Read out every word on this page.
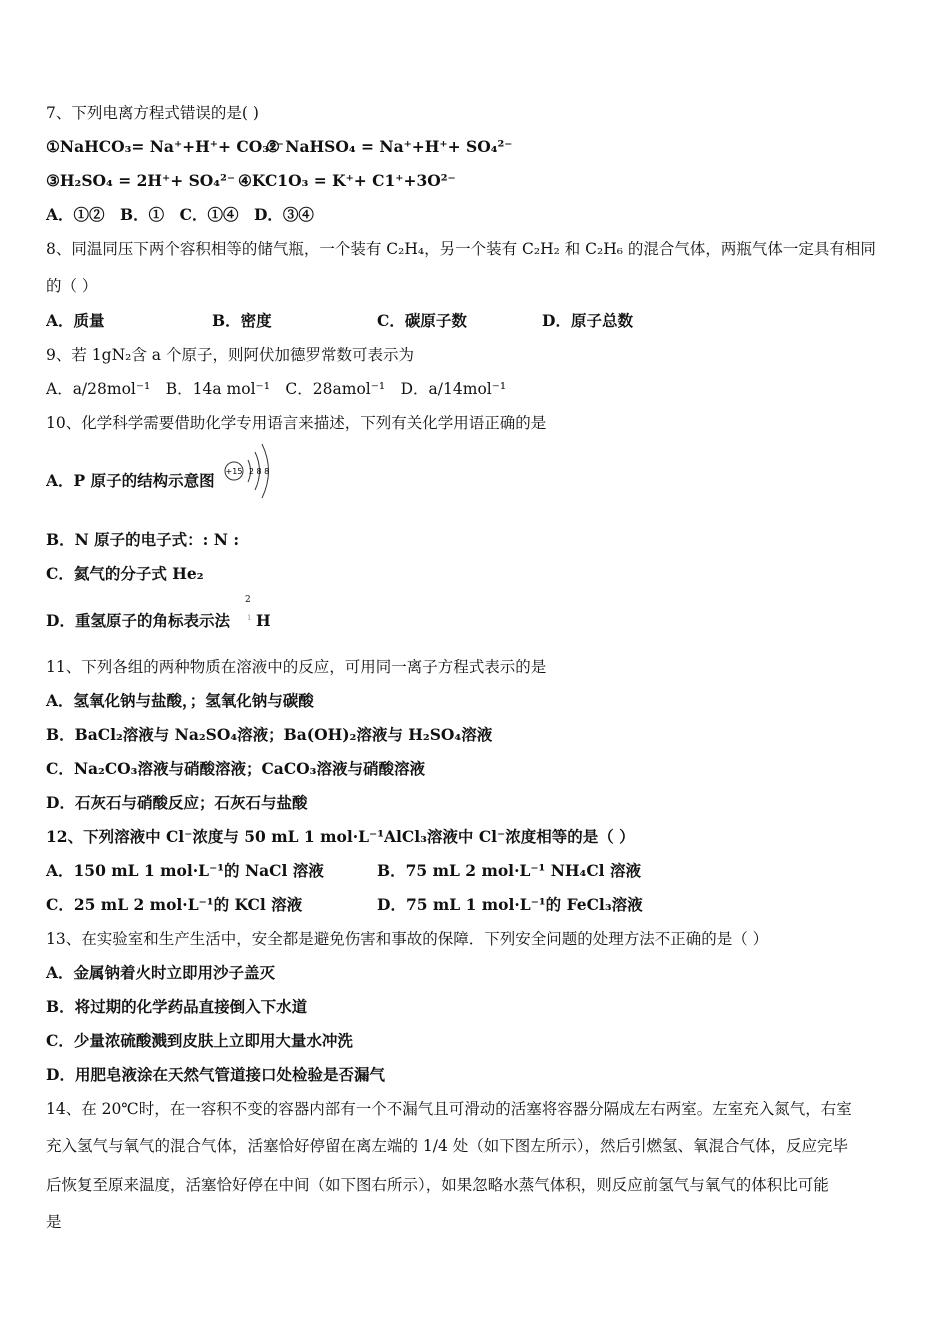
7、下列电离方程式错误的是( )
①NaHCO₃= Na⁺+H⁺+ CO₃²⁻
② NaHSO₄ = Na⁺+H⁺+ SO₄²⁻
③H₂SO₄ = 2H⁺+ SO₄²⁻ ④KC1O₃ = K⁺+ C1⁺+3O²⁻
A．①②　B．①　C．①④　D．③④
8、同温同压下两个容积相等的储气瓶，一个装有 C₂H₄，另一个装有 C₂H₂ 和 C₂H₆ 的混合气体，两瓶气体一定具有相同
的（ ）
A．质量	B．密度	C．碳原子数	D．原子总数
9、若 1gN₂含 a 个原子，则阿伏加德罗常数可表示为
A．a/28mol⁻¹　B．14a mol⁻¹　C．28amol⁻¹　D．a/14mol⁻¹
10、化学科学需要借助化学专用语言来描述，下列有关化学用语正确的是
A．P 原子的结构示意图 +15 2 8 8
B．N 原子的电子式：: N :
C．氦气的分子式 He₂
D．重氢原子的角标表示法
2
1 H
11、下列各组的两种物质在溶液中的反应，可用同一离子方程式表示的是
A．氢氧化钠与盐酸，；氢氧化钠与碳酸
B．BaCl₂溶液与 Na₂SO₄溶液；Ba(OH)₂溶液与 H₂SO₄溶液
C．Na₂CO₃溶液与硝酸溶液；CaCO₃溶液与硝酸溶液
D．石灰石与硝酸反应；石灰石与盐酸
12、下列溶液中 Cl⁻浓度与 50 mL 1 mol·L⁻¹AlCl₃溶液中 Cl⁻浓度相等的是（ ）
A．150 mL 1 mol·L⁻¹的 NaCl 溶液	B．75 mL 2 mol·L⁻¹ NH₄Cl 溶液
C．25 mL 2 mol·L⁻¹的 KCl 溶液	D．75 mL 1 mol·L⁻¹的 FeCl₃溶液
13、在实验室和生产生活中，安全都是避免伤害和事故的保障．下列安全问题的处理方法不正确的是（ ）
A．金属钠着火时立即用沙子盖灭
B．将过期的化学药品直接倒入下水道
C．少量浓硫酸溅到皮肤上立即用大量水冲洗
D．用肥皂液涂在天然气管道接口处检验是否漏气
14、在 20℃时，在一容积不变的容器内部有一个不漏气且可滑动的活塞将容器分隔成左右两室。左室充入氮气，右室
充入氢气与氧气的混合气体，活塞恰好停留在离左端的 1/4 处（如下图左所示），然后引燃氢、氧混合气体，反应完毕
后恢复至原来温度，活塞恰好停在中间（如下图右所示），如果忽略水蒸气体积，则反应前氢气与氧气的体积比可能
是
